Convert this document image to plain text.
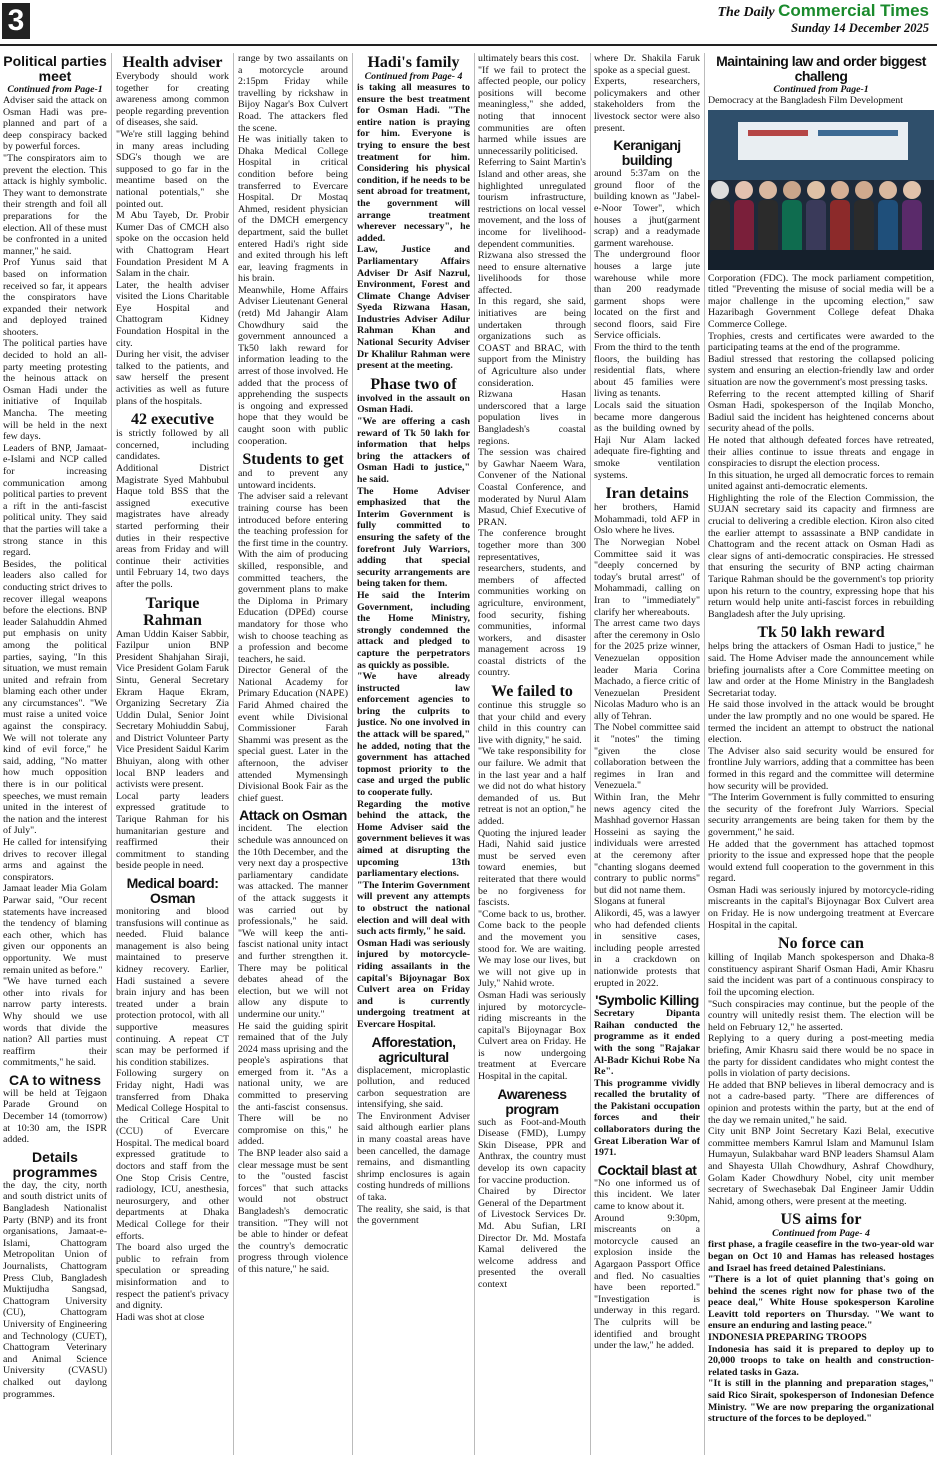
3	The Daily Commercial Times
Sunday 14 December 2025
Political parties meet
Continued from Page-1

Adviser said the attack on Osman Hadi was pre-planned and part of a deep conspiracy backed by powerful forces.

"The conspirators aim to prevent the election. This attack is highly symbolic. They want to demonstrate their strength and foil all preparations for the election. All of these must be confronted in a united manner," he said.

Prof Yunus said that based on information received so far, it appears the conspirators have expanded their network and deployed trained shooters.

The political parties have decided to hold an all-party meeting protesting the heinous attack on Osman Hadi under the initiative of Inquilab Mancha. The meeting will be held in the next few days.

Leaders of BNP, Jamaat-e-Islami and NCP called for increasing communication among political parties to prevent a rift in the anti-fascist political unity. They said that the parties will take a strong stance in this regard.

Besides, the political leaders also called for conducting strict drives to recover illegal weapons before the elections. BNP leader Salahuddin Ahmed put emphasis on unity among the political parties, saying, "In this situation, we must remain united and refrain from blaming each other under any circumstances". "We must raise a united voice against the conspiracy. We will not tolerate any kind of evil force," he said, adding, "No matter how much opposition there is in our political speeches, we must remain united in the interest of the nation and the interest of July".

He called for intensifying drives to recover illegal arms and against the conspirators.

Jamaat leader Mia Golam Parwar said, "Our recent statements have increased the tendency of blaming each other, which has given our opponents an opportunity. We must remain united as before."

"We have turned each other into rivals for narrow party interests. Why should we use words that divide the nation? All parties must reaffirm their commitments," he said.

CA to witness

will be held at Tejgaon Parade Ground on December 14 (tomorrow) at 10:30 am, the ISPR added.

Details programmes

the day, the city, north and south district units of Bangladesh Nationalist Party (BNP) and its front organisations, Jamaat-e-Islami, Chattogram Metropolitan Union of Journalists, Chattogram Press Club, Bangladesh Muktijudha Sangsad, Chattogram University (CU), Chattogram University of Engineering and Technology (CUET), Chattogram Veterinary and Animal Science University (CVASU) chalked out daylong programmes.

Health adviser

Everybody should work together for creating awareness among common people regarding prevention of diseases, she said.

"We're still lagging behind in many areas including SDG's though we are supposed to go far in the meantime based on the national potentials," she pointed out.

M Abu Tayeb, Dr. Probir Kumer Das of CMCH also spoke on the occasion held with Chattogram Heart Foundation President M A Salam in the chair.

Later, the health adviser visited the Lions Charitable Eye Hospital and Chattogram Kidney Foundation Hospital in the city.

During her visit, the adviser talked to the patients, and saw herself the present activities as well as future plans of the hospitals.

42 executive

is strictly followed by all concerned, including candidates.

Additional District Magistrate Syed Mahbubul Haque told BSS that the assigned executive magistrates have already started performing their duties in their respective areas from Friday and will continue their activities until February 14, two days after the polls.

Tarique Rahman

Aman Uddin Kaiser Sabbir, Fazilpur union BNP President Shahjahan Siraji, Vice President Golam Faruk Sintu, General Secretary Ekram Haque Ekram, Organizing Secretary Zia Uddin Dulal, Senior Joint Secretary Mohiuddin Sabuj, and District Volunteer Party Vice President Saidul Karim Bhuiyan, along with other local BNP leaders and activists were present.

Local party leaders expressed gratitude to Tarique Rahman for his humanitarian gesture and reaffirmed their commitment to standing beside people in need.

Medical board: Osman

monitoring and blood transfusions will continue as needed. Fluid balance management is also being maintained to preserve kidney recovery. Earlier, Hadi sustained a severe brain injury and has been treated under a brain protection protocol, with all supportive measures continuing. A repeat CT scan may be performed if his condition stabilizes.

Following surgery on Friday night, Hadi was transferred from Dhaka Medical College Hospital to the Critical Care Unit (CCU) of Evercare Hospital. The medical board expressed gratitude to doctors and staff from the One Stop Crisis Centre, radiology, ICU, anesthesia, neurosurgery, and other departments at Dhaka Medical College for their efforts.

The board also urged the public to refrain from speculation or spreading misinformation and to respect the patient's privacy and dignity.

Hadi was shot at close

range by two assailants on a motorcycle around 2:15pm Friday while travelling by rickshaw in Bijoy Nagar's Box Culvert Road. The attackers fled the scene.

He was initially taken to Dhaka Medical College Hospital in critical condition before being transferred to Evercare Hospital. Dr Mostaq Ahmed, resident physician of the DMCH emergency department, said the bullet entered Hadi's right side and exited through his left ear, leaving fragments in his brain.

Meanwhile, Home Affairs Adviser Lieutenant General (retd) Md Jahangir Alam Chowdhury said the government announced a Tk50 lakh reward for information leading to the arrest of those involved. He added that the process of apprehending the suspects is ongoing and expressed hope that they would be caught soon with public cooperation.

Students to get

and to prevent any untoward incidents.

The adviser said a relevant training course has been introduced before entering the teaching profession for the first time in the country. With the aim of producing skilled, responsible, and committed teachers, the government plans to make the Diploma in Primary Education (DPEd) course mandatory for those who wish to choose teaching as a profession and become teachers, he said.

Director General of the National Academy for Primary Education (NAPE) Farid Ahmed chaired the event while Divisional Commissioner Farah Shammi was present as the special guest. Later in the afternoon, the adviser attended Mymensingh Divisional Book Fair as the chief guest.

Attack on Osman

incident. The election schedule was announced on the 10th December, and the very next day a prospective parliamentary candidate was attacked. The manner of the attack suggests it was carried out by professionals," he said. "We will keep the anti-fascist national unity intact and further strengthen it. There may be political debates ahead of the election, but we will not allow any dispute to undermine our unity."

He said the guiding spirit remained that of the July 2024 mass uprising and the people's aspirations that emerged from it. "As a national unity, we are committed to preserving the anti-fascist consensus. There will be no compromise on this," he added.

The BNP leader also said a clear message must be sent to the "ousted fascist forces" that such attacks would not obstruct Bangladesh's democratic transition. "They will not be able to hinder or defeat the country's democratic progress through violence of this nature," he said.

Hadi's family
Continued from Page- 4

is taking all measures to ensure the best treatment for Osman Hadi. "The entire nation is praying for him. Everyone is trying to ensure the best treatment for him. Considering his physical condition, if he needs to be sent abroad for treatment, the government will arrange treatment wherever necessary", he added.

Law, Justice and Parliamentary Affairs Adviser Dr Asif Nazrul, Environment, Forest and Climate Change Adviser Syeda Rizwana Hasan, Industries Adviser Adilur Rahman Khan and National Security Adviser Dr Khalilur Rahman were present at the meeting.

Phase two of

involved in the assault on Osman Hadi.

"We are offering a cash reward of Tk 50 lakh for information that helps bring the attackers of Osman Hadi to justice," he said.

The Home Adviser emphasized that the Interim Government is fully committed to ensuring the safety of the forefront July Warriors, adding that special security arrangements are being taken for them.

He said the Interim Government, including the Home Ministry, strongly condemned the attack and pledged to capture the perpetrators as quickly as possible.

"We have already instructed law enforcement agencies to bring the culprits to justice. No one involved in the attack will be spared," he added, noting that the government has attached topmost priority to the case and urged the public to cooperate fully.

Regarding the motive behind the attack, the Home Adviser said the government believes it was aimed at disrupting the upcoming 13th parliamentary elections.

"The Interim Government will prevent any attempts to obstruct the national election and will deal with such acts firmly," he said.

Osman Hadi was seriously injured by motorcycle-riding assailants in the capital's Bijoynagar Box Culvert area on Friday and is currently undergoing treatment at Evercare Hospital.

Afforestation, agricultural

displacement, microplastic pollution, and reduced carbon sequestration are intensifying, she said.

The Environment Adviser said although earlier plans in many coastal areas have been cancelled, the damage remains, and dismantling shrimp enclosures is again costing hundreds of millions of taka.

The reality, she said, is that the government

ultimately bears this cost.

"If we fail to protect the affected people, our policy positions will become meaningless," she added, noting that innocent communities are often harmed while issues are unnecessarily politicised.

Referring to Saint Martin's Island and other areas, she highlighted unregulated tourism infrastructure, restrictions on local vessel movement, and the loss of income for livelihood-dependent communities.

Rizwana also stressed the need to ensure alternative livelihoods for those affected.

In this regard, she said, initiatives are being undertaken through organizations such as COAST and BRAC, with support from the Ministry of Agriculture also under consideration.

Rizwana Hasan underscored that a large population lives in Bangladesh's coastal regions.

The session was chaired by Gawhar Naeem Wara, Convener of the National Coastal Conference, and moderated by Nurul Alam Masud, Chief Executive of PRAN.

The conference brought together more than 300 representatives, researchers, students, and members of affected communities working on agriculture, environment, food security, fishing communities, informal workers, and disaster management across 19 coastal districts of the country.

We failed to

continue this struggle so that your child and every child in this country can live with dignity," he said.

"We take responsibility for our failure. We admit that in the last year and a half we did not do what history demanded of us. But retreat is not an option," he added.

Quoting the injured leader Hadi, Nahid said justice must be served even toward enemies, but reiterated that there would be no forgiveness for fascists.

"Come back to us, brother. Come back to the people and the movement you stood for. We are waiting. We may lose our lives, but we will not give up in July," Nahid wrote.

Osman Hadi was seriously injured by motorcycle-riding miscreants in the capital's Bijoynagar Box Culvert area on Friday. He is now undergoing treatment at Evercare Hospital in the capital.

Awareness program

such as Foot-and-Mouth Disease (FMD), Lumpy Skin Disease, PPR and Anthrax, the country must develop its own capacity for vaccine production.

Chaired by Director General of the Department of Livestock Services Dr. Md. Abu Sufian, LRI Director Dr. Md. Mostafa Kamal delivered the welcome address and presented the overall context

where Dr. Shakila Faruk spoke as a special guest.

Experts, researchers, policymakers and other stakeholders from the livestock sector were also present.

Keraniganj building

around 5:37am on the ground floor of the building known as "Jabel-e-Noor Tower", which houses a jhut(garment scrap) and a readymade garment warehouse.

The underground floor houses a large jute warehouse while more than 200 readymade garment shops were located on the first and second floors, said Fire Service officials.

From the third to the tenth floors, the building has residential flats, where about 45 families were living as tenants.

Locals said the situation became more dangerous as the building owned by Haji Nur Alam lacked adequate fire-fighting and smoke ventilation systems.

Iran detains

her brothers, Hamid Mohammadi, told AFP in Oslo where he lives.

The Norwegian Nobel Committee said it was "deeply concerned by today's brutal arrest" of Mohammadi, calling on Iran to "immediately" clarify her whereabouts.

The arrest came two days after the ceremony in Oslo for the 2025 prize winner, Venezuelan opposition leader Maria Corina Machado, a fierce critic of Venezuelan President Nicolas Maduro who is an ally of Tehran.

The Nobel committee said it "notes" the timing "given the close collaboration between the regimes in Iran and Venezuela."

Within Iran, the Mehr news agency cited the Mashhad governor Hassan Hosseini as saying the individuals were arrested at the ceremony after "chanting slogans deemed contrary to public norms" but did not name them.

Slogans at funeral

Alikordi, 45, was a lawyer who had defended clients in sensitive cases, including people arrested in a crackdown on nationwide protests that erupted in 2022.

'Symbolic Killing

Secretary Dipanta Raihan conducted the programme as it ended with the song "Rajakar Al-Badr Kichui Robe Na Re".

This programme vividly recalled the brutality of the Pakistani occupation forces and their collaborators during the Great Liberation War of 1971.

Cocktail blast at

"No one informed us of this incident. We later came to know about it.

Around 9:30pm, miscreants on a motorcycle caused an explosion inside the Agargaon Passport Office and fled. No casualties have been reported." "Investigation is underway in this regard. The culprits will be identified and brought under the law," he added.

Maintaining law and order biggest challeng
Continued from Page-1

Democracy at the Bangladesh Film Development

Corporation (FDC). The mock parliament competition, titled "Preventing the misuse of social media will be a major challenge in the upcoming election," saw Hazaribagh Government College defeat Dhaka Commerce College.

Trophies, crests and certificates were awarded to the participating teams at the end of the programme.

Badiul stressed that restoring the collapsed policing system and ensuring an election-friendly law and order situation are now the government's most pressing tasks.

Referring to the recent attempted killing of Sharif Osman Hadi, spokesperson of the Inqilab Moncho, Badiul said the incident has heightened concerns about security ahead of the polls.

He noted that although defeated forces have retreated, their allies continue to issue threats and engage in conspiracies to disrupt the election process.

In this situation, he urged all democratic forces to remain united against anti-democratic elements.

Highlighting the role of the Election Commission, the SUJAN secretary said its capacity and firmness are crucial to delivering a credible election. Kiron also cited the earlier attempt to assassinate a BNP candidate in Chattogram and the recent attack on Osman Hadi as clear signs of anti-democratic conspiracies. He stressed that ensuring the security of BNP acting chairman Tarique Rahman should be the government's top priority upon his return to the country, expressing hope that his return would help unite anti-fascist forces in rebuilding Bangladesh after the July uprising.

Tk 50 lakh reward

helps bring the attackers of Osman Hadi to justice," he said. The Home Adviser made the announcement while briefing journalists after a Core Committee meeting on law and order at the Home Ministry in the Bangladesh Secretariat today.

He said those involved in the attack would be brought under the law promptly and no one would be spared. He termed the incident an attempt to obstruct the national election.

The Adviser also said security would be ensured for frontline July warriors, adding that a committee has been formed in this regard and the committee will determine how security will be provided.

"The Interim Government is fully committed to ensuring the security of the forefront July Warriors. Special security arrangements are being taken for them by the government," he said.

He added that the government has attached topmost priority to the issue and expressed hope that the people would extend full cooperation to the government in this regard.

Osman Hadi was seriously injured by motorcycle-riding miscreants in the capital's Bijoynagar Box Culvert area on Friday. He is now undergoing treatment at Evercare Hospital in the capital.

No force can

killing of Inqilab Manch spokesperson and Dhaka-8 constituency aspirant Sharif Osman Hadi, Amir Khasru said the incident was part of a continuous conspiracy to foil the upcoming election.

"Such conspiracies may continue, but the people of the country will unitedly resist them. The election will be held on February 12," he asserted.

Replying to a query during a post-meeting media briefing, Amir Khasru said there would be no space in the party for dissident candidates who might contest the polls in violation of party decisions.

He added that BNP believes in liberal democracy and is not a cadre-based party. "There are differences of opinion and protests within the party, but at the end of the day we remain united," he said.

City unit BNP Joint Secretary Kazi Belal, executive committee members Kamrul Islam and Mamunul Islam Humayun, Sulakbahar ward BNP leaders Shamsul Alam and Shayesta Ullah Chowdhury, Ashraf Chowdhury, Golam Kader Chowdhury Nobel, city unit member secretary of Swechasebak Dal Engineer Jamir Uddin Nahid, among others, were present at the meeting.

US aims for
Continued from Page- 4

first phase, a fragile ceasefire in the two-year-old war began on Oct 10 and Hamas has released hostages and Israel has freed detained Palestinians.

"There is a lot of quiet planning that's going on behind the scenes right now for phase two of the peace deal," White House spokesperson Karoline Leavitt told reporters on Thursday. "We want to ensure an enduring and lasting peace."

INDONESIA PREPARING TROOPS

Indonesia has said it is prepared to deploy up to 20,000 troops to take on health and construction-related tasks in Gaza.

"It is still in the planning and preparation stages," said Rico Sirait, spokesperson of Indonesian Defence Ministry. "We are now preparing the organizational structure of the forces to be deployed."
